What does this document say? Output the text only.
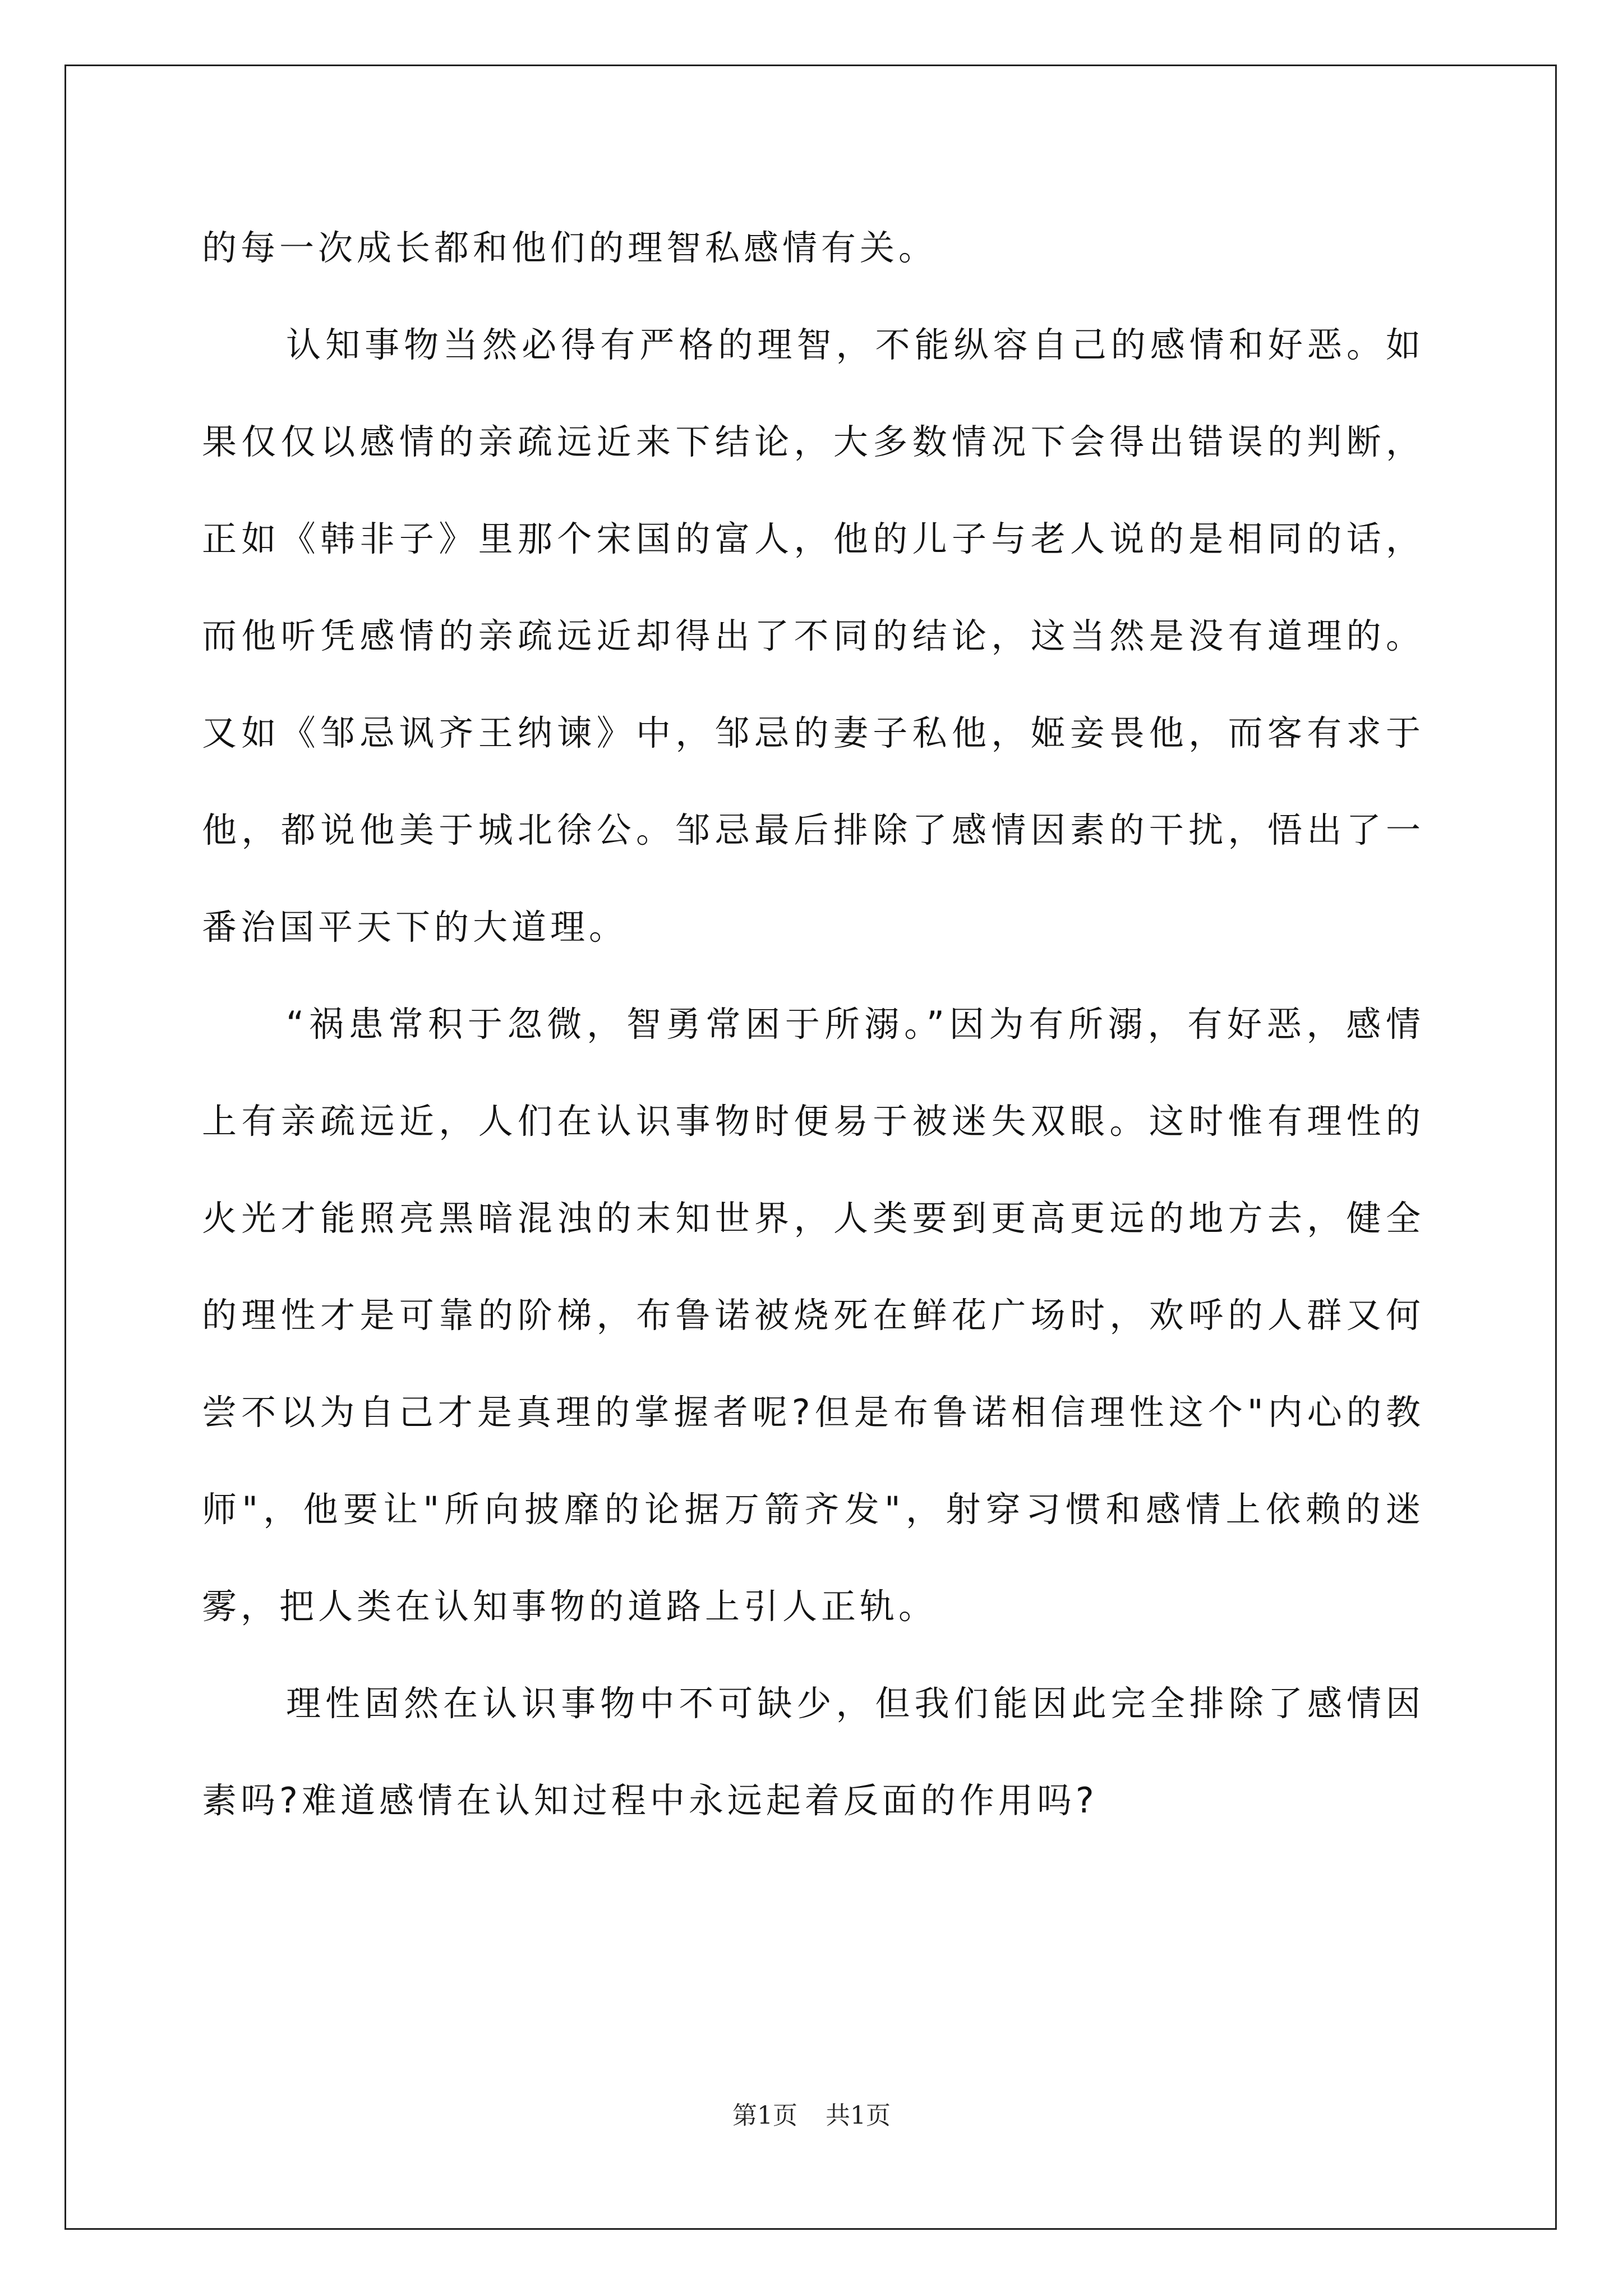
的每一次成长都和他们的理智私感情有关。

认知事物当然必得有严格的理智，不能纵容自己的感情和好恶。如果仅仅以感情的亲疏远近来下结论，大多数情况下会得出错误的判断，正如《韩非子》里那个宋国的富人，他的儿子与老人说的是相同的话，而他听凭感情的亲疏远近却得出了不同的结论，这当然是没有道理的。又如《邹忌讽齐王纳谏》中，邹忌的妻子私他，姬妾畏他，而客有求于他，都说他美于城北徐公。邹忌最后排除了感情因素的干扰，悟出了一番治国平天下的大道理。

“祸患常积于忽微，智勇常困于所溺。”因为有所溺，有好恶，感情上有亲疏远近，人们在认识事物时便易于被迷失双眼。这时惟有理性的火光才能照亮黑暗混浊的末知世界，人类要到更高更远的地方去，健全的理性才是可靠的阶梯，布鲁诺被烧死在鲜花广场时，欢呼的人群又何尝不以为自己才是真理的掌握者呢?但是布鲁诺相信理性这个"内心的教师"，他要让"所向披靡的论据万箭齐发"，射穿习惯和感情上依赖的迷雾，把人类在认知事物的道路上引人正轨。

理性固然在认识事物中不可缺少，但我们能因此完全排除了感情因素吗?难道感情在认知过程中永远起着反面的作用吗?

第1页 共1页
